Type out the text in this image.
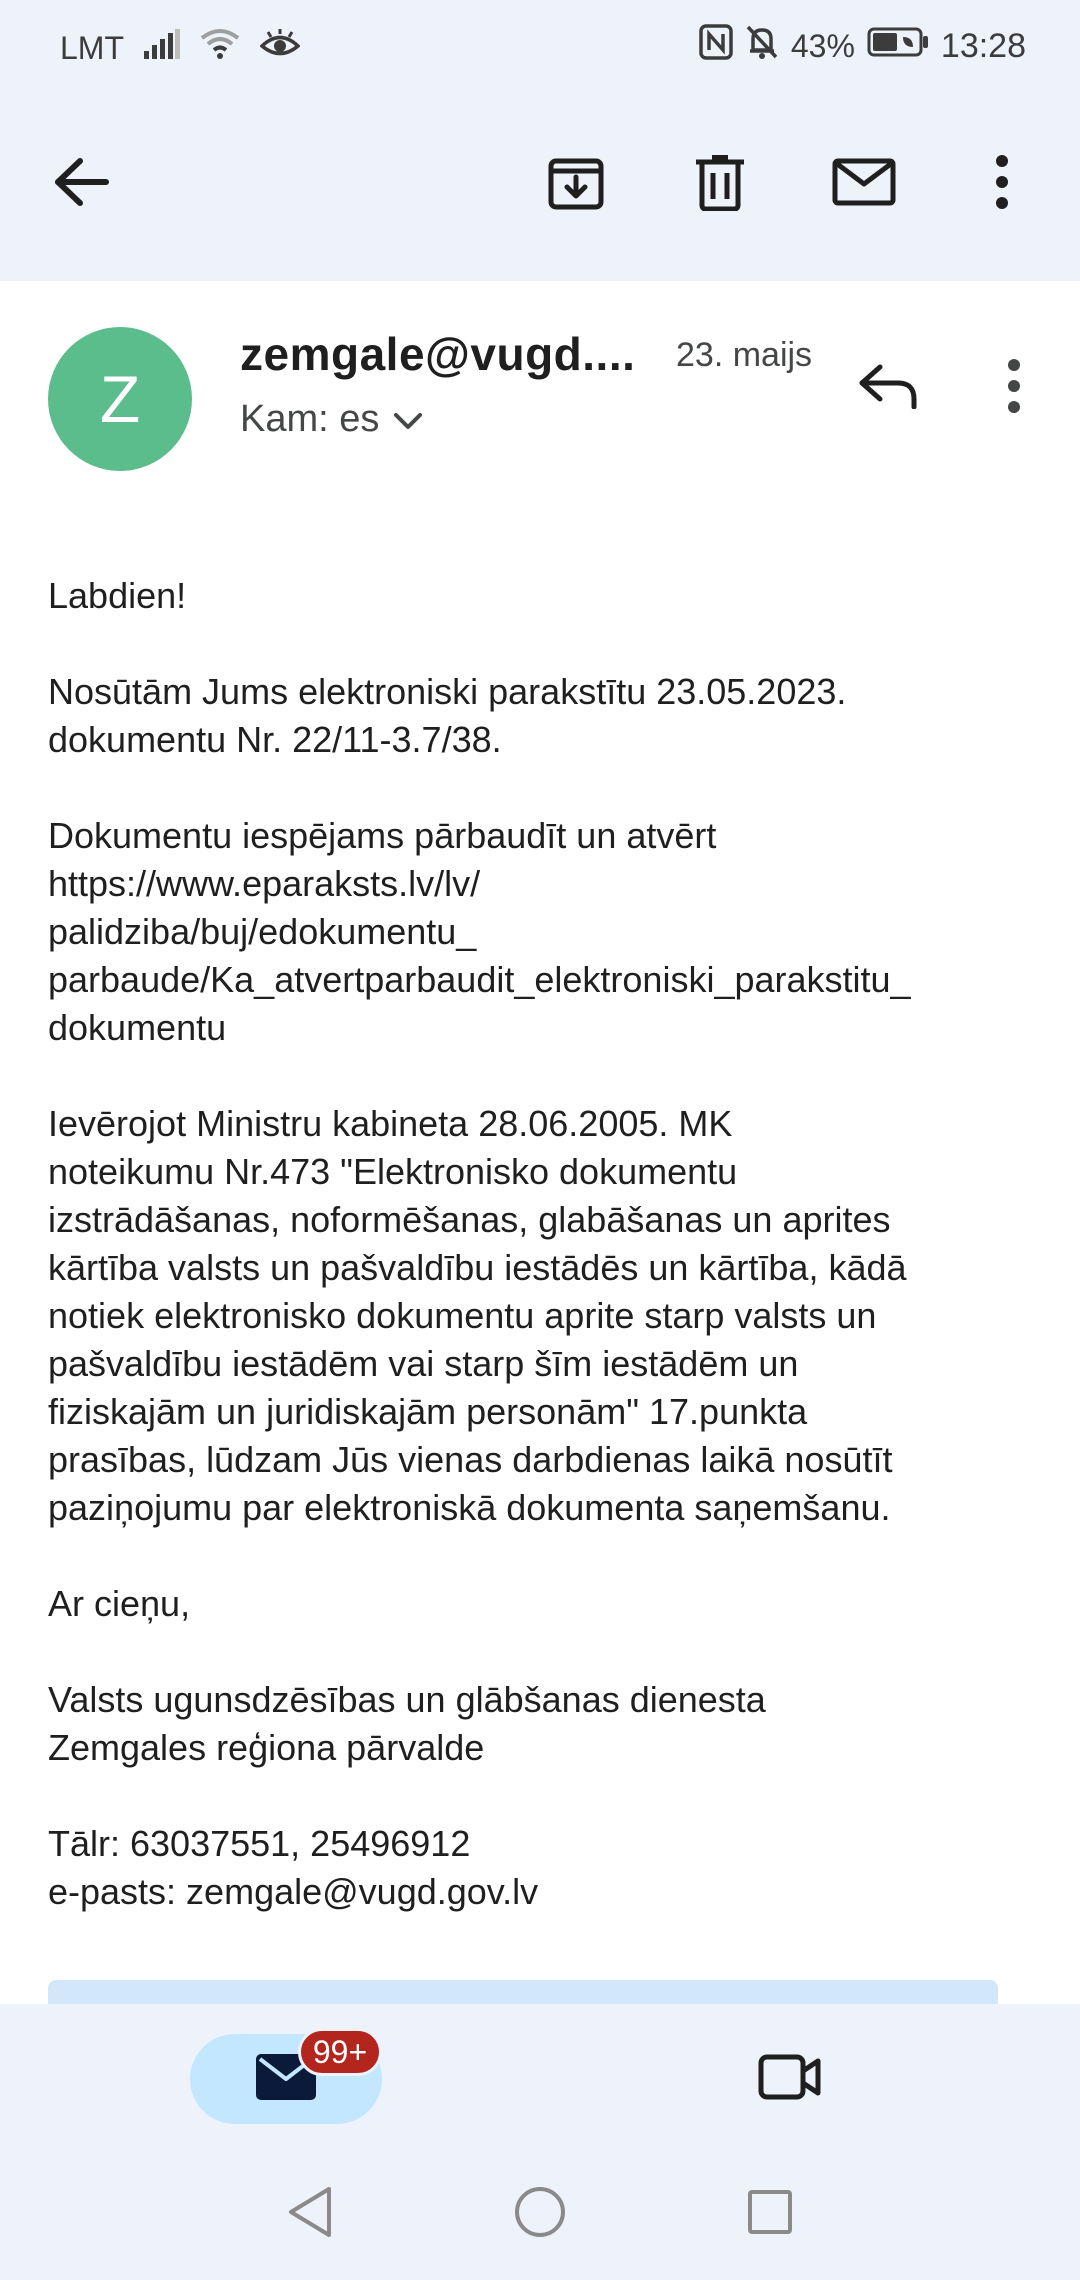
LMT	43%	13:28
Z
zemgale@vugd.... 23. maijs
Kam: es

Labdien!

Nosūtām Jums elektroniski parakstītu 23.05.2023.
dokumentu Nr. 22/11-3.7/38.

Dokumentu iespējams pārbaudīt un atvērt
https://www.eparaksts.lv/lv/
palidziba/buj/edokumentu_
parbaude/Ka_atvertparbaudit_elektroniski_parakstitu_
dokumentu

Ievērojot Ministru kabineta 28.06.2005. MK
noteikumu Nr.473 "Elektronisko dokumentu
izstrādāšanas, noformēšanas, glabāšanas un aprites
kārtība valsts un pašvaldību iestādēs un kārtība, kādā
notiek elektronisko dokumentu aprite starp valsts un
pašvaldību iestādēm vai starp šīm iestādēm un
fiziskajām un juridiskajām personām" 17.punkta
prasības, lūdzam Jūs vienas darbdienas laikā nosūtīt
paziņojumu par elektroniskā dokumenta saņemšanu.

Ar cieņu,

Valsts ugunsdzēsības un glābšanas dienesta
Zemgales reģiona pārvalde

Tālr: 63037551, 25496912
e-pasts: zemgale@vugd.gov.lv

99+
